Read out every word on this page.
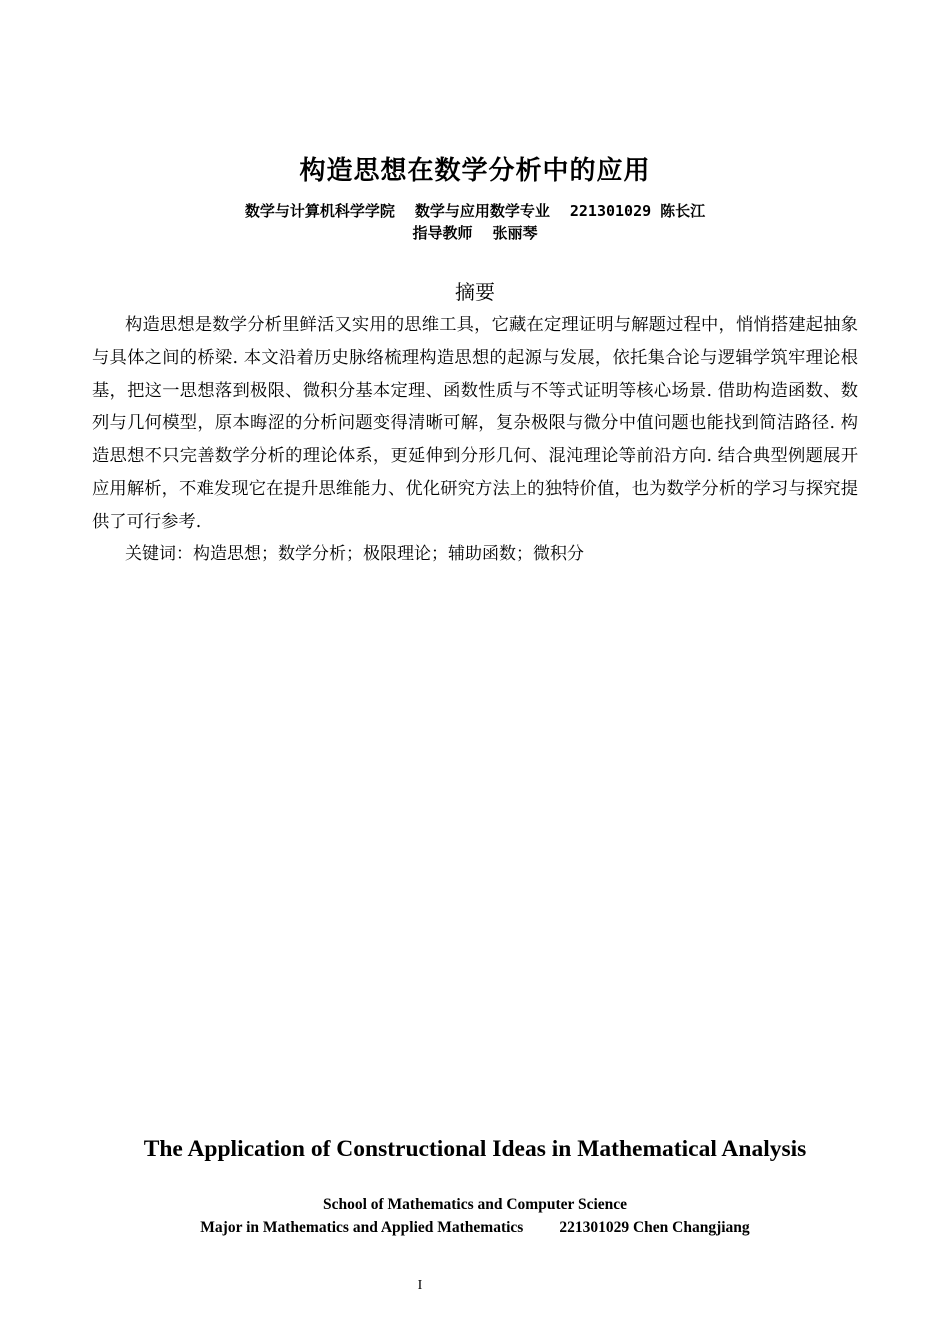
构造思想在数学分析中的应用
数学与计算机科学学院 数学与应用数学专业 221301029 陈长江
指导教师 张丽琴
摘要

构造思想是数学分析里鲜活又实用的思维工具，它藏在定理证明与解题过程中，悄悄搭建起抽象与具体之间的桥梁. 本文沿着历史脉络梳理构造思想的起源与发展，依托集合论与逻辑学筑牢理论根基，把这一思想落到极限、微积分基本定理、函数性质与不等式证明等核心场景. 借助构造函数、数列与几何模型，原本晦涩的分析问题变得清晰可解，复杂极限与微分中值问题也能找到简洁路径. 构造思想不只完善数学分析的理论体系，更延伸到分形几何、混沌理论等前沿方向. 结合典型例题展开应用解析，不难发现它在提升思维能力、优化研究方法上的独特价值，也为数学分析的学习与探究提供了可行参考.

关键词：构造思想；数学分析；极限理论；辅助函数；微积分
The Application of Constructional Ideas in Mathematical Analysis
School of Mathematics and Computer Science
Major in Mathematics and Applied Mathematics 221301029 Chen Changjiang
I
